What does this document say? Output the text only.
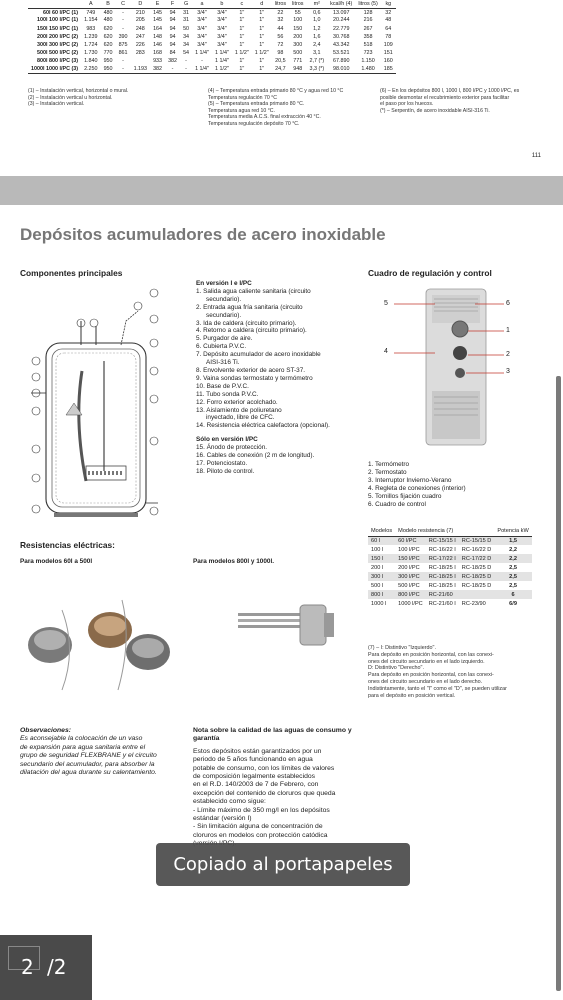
	A	B	C	D	E	F	G	a	b	c	d	litros	litros	m²	kcal/h (4)	litros (5)	kg
60l 60 l/PC (1)	749	480	-	210	145	94	31	3/4"	3/4"	1"	1"	22	55	0,6	13.097	128	32
100l 100 l/PC (1)	1.154	480	-	205	145	94	31	3/4"	3/4"	1"	1"	32	100	1,0	20.244	216	48
150l 150 l/PC (1)	983	620	-	248	164	94	50	3/4"	3/4"	1"	1"	44	150	1,2	22.779	267	64
200l 200 l/PC (2)	1.239	620	390	247	148	94	34	3/4"	3/4"	1"	1"	56	200	1,6	30.768	358	78
300l 300 l/PC (2)	1.724	620	875	226	146	94	34	3/4"	3/4"	1"	1"	72	300	2,4	43.342	518	109
500l 500 l/PC (2)	1.730	770	861	283	168	84	54	1 1/4"	1 1/4"	1 1/2"	1 1/2"	98	500	3,1	53.521	723	151
800l 800 l/PC (3)	1.840	950	-		933	382	-	-	1 1/4"	1"	1"	20,5	771	2,7 (*)	67.890	1.150	160
1000l 1000 l/PC (3)	2.250	950	-	1.193	382	-	-	1 1/4"	1 1/2"	1"	1"	24,7	948	3,3 (*)	98.010	1.480	185
(1) – Instalación vertical, horizontal o mural.
(2) – Instalación vertical u horizontal.
(3) – Instalación vertical.
(4) – Temperatura entrada primario 80 °C y agua red 10 °C
Temperatura regulación 70 °C
(5) – Temperatura entrada primario 80 °C.
Temperatura agua red 10 °C.
Temperatura media A.C.S. final extracción 40 °C.
Temperatura regulación depósito 70 °C.
(6) – En los depósitos 800 l, 1000 l, 800 l/PC y 1000 l/PC, es
posible desmontar el recubrimiento exterior para facilitar
el paso por los huecos.
(*) – Serpentín, de acero inoxidable AISI-316 Ti.
111
Depósitos acumuladores de acero inoxidable
Componentes principales
En versión I e I/PC
1. Salida agua caliente sanitaria (circuito
secundario).
2. Entrada agua fría sanitaria (circuito
secundario).
3. Ida de caldera (circuito primario).
4. Retorno a caldera (circuito primario).
5. Purgador de aire.
6. Cubierta P.V.C.
7. Depósito acumulador de acero inoxidable
AISI-316 Ti.
8. Envolvente exterior de acero ST-37.
9. Vaina sondas termostato y termómetro
10. Base de P.V.C.
11. Tubo sonda P.V.C.
12. Forro exterior acolchado.
13. Aislamiento de poliuretano
inyectado, libre de CFC.
14. Resistencia eléctrica calefactora (opcional).
Sólo en versión I/PC
15. Ánodo de protección.
16. Cables de conexión (2 m de longitud).
17. Potenciostato.
18. Piloto de control.
Cuadro de regulación y control
5	6
1
4	2
3
1. Termómetro
2. Termostato
3. Interruptor Invierno-Verano
4. Regleta de conexiones (interior)
5. Tornillos fijación cuadro
6. Cuadro de control
Resistencias eléctricas:
Para modelos 60l a 500l	Para modelos 800l y 1000l.
Modelos	Modelo resistencia (7)			Potencia kW
60 l	60 l/PC	RC-15/15 I	RC-15/15 D	1,5
100 l	100 l/PC	RC-16/22 I	RC-16/22 D	2,2
150 l	150 l/PC	RC-17/22 I	RC-17/22 D	2,2
200 l	200 l/PC	RC-18/25 I	RC-18/25 D	2,5
300 l	300 l/PC	RC-18/25 I	RC-18/25 D	2,5
500 l	500 l/PC	RC-18/25 I	RC-18/25 D	2,5
800 l	800 l/PC	RC-21/60		6
1000 l	1000 l/PC	RC-21/60 I	RC-23/90	6/9
(7) – I: Distintivo "Izquierdo".
Para depósito en posición horizontal, con las conexi-
ones del circuito secundario en el lado izquierdo.
D: Distintivo "Derecho".
Para depósito en posición horizontal, con las conexi-
ones del circuito secundario en el lado derecho.
Indistintamente, tanto el "I" como el "D", se pueden utilizar
para el depósito en posición vertical.
Observaciones:
Es aconsejable la colocación de un vaso
de expansión para agua sanitaria entre el
grupo de seguridad FLEXBRANE y el circuito
secundario del acumulador, para absorber la
dilatación del agua durante su calentamiento.
Nota sobre la calidad de las aguas de consumo y garantía
Estos depósitos están garantizados por un
periodo de 5 años funcionando en agua
potable de consumo, con los límites de valores
de composición legalmente establecidos
en el R.D. 140/2003 de 7 de Febrero, con
excepción del contenido de cloruros que queda
establecido como sigue:
- Límite máximo de 350 mg/l en los depósitos
estándar (versión I)
- Sin limitación alguna de concentración de
cloruros en modelos con protección catódica
Copiado al portapapeles
2 /2
